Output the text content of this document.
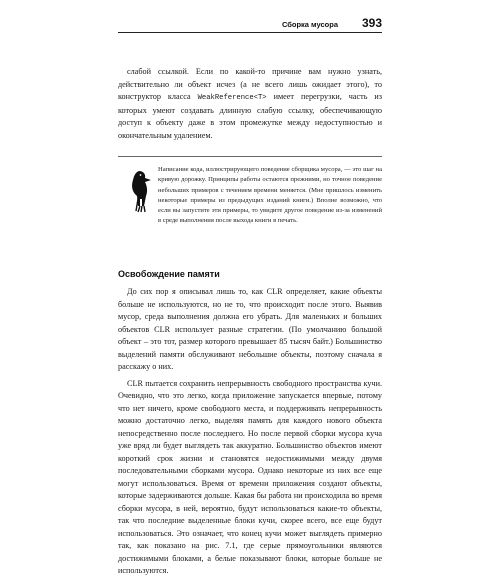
Сборка мусора 393

слабой ссылкой. Если по какой-то причине вам нужно узнать, действительно ли объект исчез (а не всего лишь ожидает этого), то конструктор класса WeakReference<T> имеет перегрузки, часть из которых умеют создавать длинную слабую ссылку, обеспечивающую доступ к объекту даже в этом промежутке между недоступностью и окончательным удалением.

Написание кода, иллюстрирующего поведение сборщика мусора, — это шаг на кривую дорожку. Принципы работы остаются прежними, но точное поведение небольших примеров с течением времени меняется. (Мне пришлось изменить некоторые примеры из предыдущих изданий книги.) Вполне возможно, что если вы запустите эти примеры, то увидите другое поведение из-за изменений в среде выполнения после выхода книги в печать.
Освобождение памяти

До сих пор я описывал лишь то, как CLR определяет, какие объекты больше не используются, но не то, что происходит после этого. Выявив мусор, среда выполнения должна его убрать. Для маленьких и больших объектов CLR использует разные стратегии. (По умолчанию большой объект – это тот, размер которого превышает 85 тысяч байт.) Большинство выделений памяти обслуживают небольшие объекты, поэтому сначала я расскажу о них.

CLR пытается сохранить непрерывность свободного пространства кучи. Очевидно, что это легко, когда приложение запускается впервые, потому что нет ничего, кроме свободного места, и поддерживать непрерывность можно достаточно легко, выделяя память для каждого нового объекта непосредственно после последнего. Но после первой сборки мусора куча уже вряд ли будет выглядеть так аккуратно. Большинство объектов имеют короткий срок жизни и становятся недостижимыми между двумя последовательными сборками мусора. Однако некоторые из них все еще могут использоваться. Время от времени приложения создают объекты, которые задерживаются дольше. Какая бы работа ни происходила во время сборки мусора, в ней, вероятно, будут использоваться какие-то объекты, так что последние выделенные блоки кучи, скорее всего, все еще будут использоваться. Это означает, что конец кучи может выглядеть примерно так, как показано на рис. 7.1, где серые прямоугольники являются достижимыми блоками, а белые показывают блоки, которые больше не используются.
